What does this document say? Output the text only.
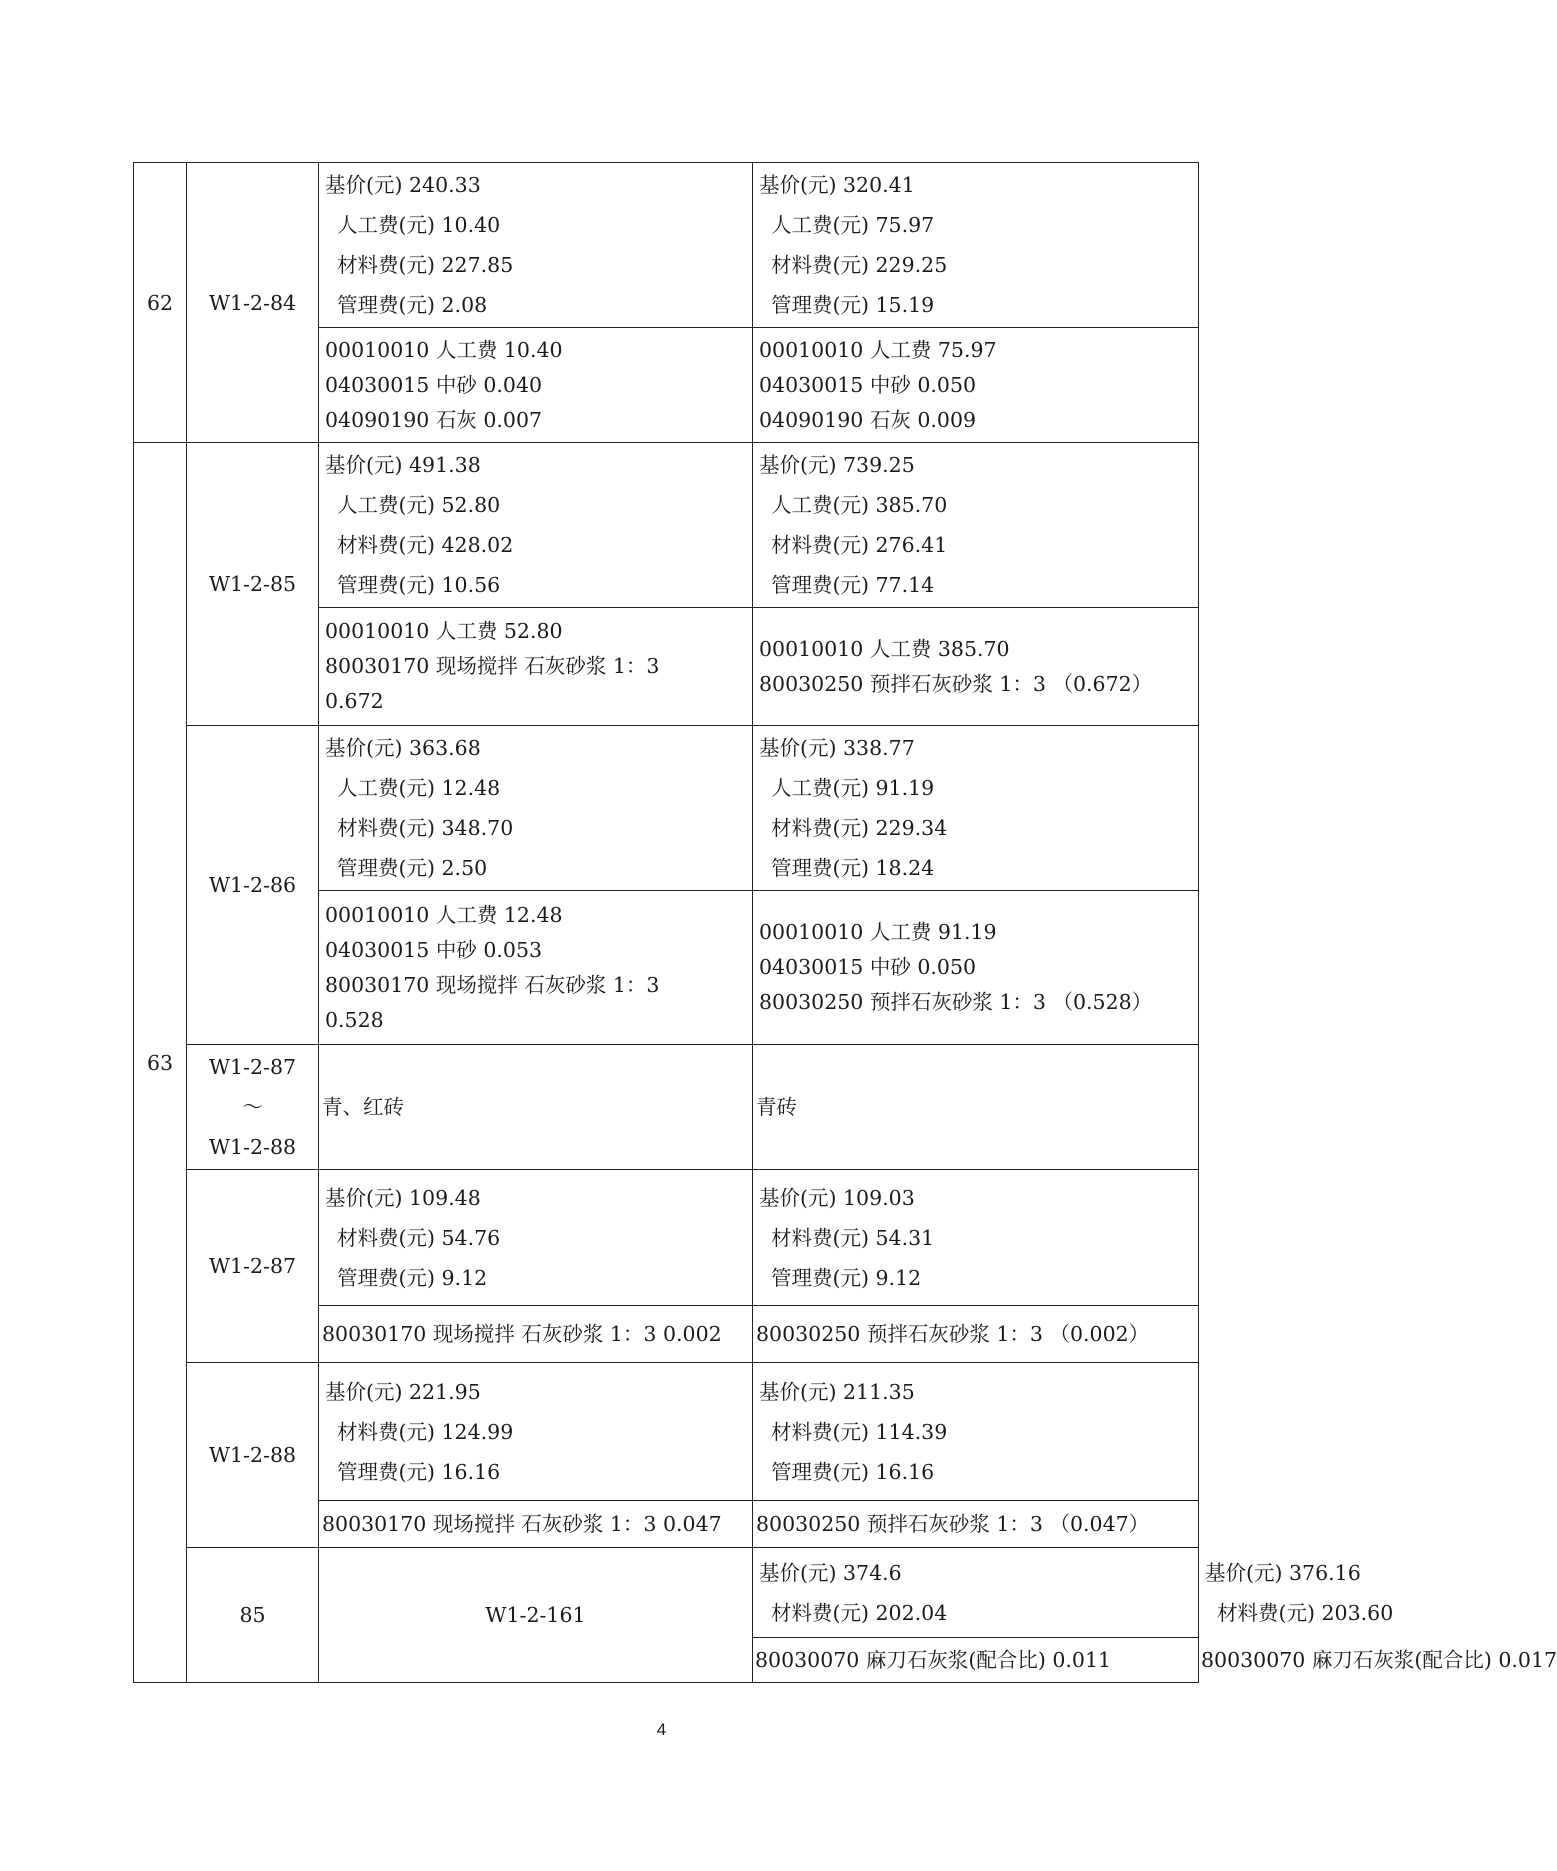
62	W1-2-84	基价(元) 240.33
人工费(元) 10.40
材料费(元) 227.85
管理费(元) 2.08	基价(元) 320.41
人工费(元) 75.97
材料费(元) 229.25
管理费(元) 15.19	

		00010010 人工费 10.40
04030015 中砂 0.040
04090190 石灰 0.007	00010010 人工费 75.97
04030015 中砂 0.050
04090190 石灰 0.009	

63	W1-2-85	基价(元) 491.38
人工费(元) 52.80
材料费(元) 428.02
管理费(元) 10.56	基价(元) 739.25
人工费(元) 385.70
材料费(元) 276.41
管理费(元) 77.14	

		00010010 人工费 52.80
80030170 现场搅拌 石灰砂浆 1：3
0.672	00010010 人工费 385.70
80030250 预拌石灰砂浆 1：3 （0.672）	

	W1-2-86	基价(元) 363.68
人工费(元) 12.48
材料费(元) 348.70
管理费(元) 2.50	基价(元) 338.77
人工费(元) 91.19
材料费(元) 229.34
管理费(元) 18.24	

		00010010 人工费 12.48
04030015 中砂 0.053
80030170 现场搅拌 石灰砂浆 1：3
0.528	00010010 人工费 91.19
04030015 中砂 0.050
80030250 预拌石灰砂浆 1：3 （0.528）	

	W1-2-87
～
W1-2-88	青、红砖	青砖	
	W1-2-87	基价(元) 109.48
材料费(元) 54.76
管理费(元) 9.12	基价(元) 109.03
材料费(元) 54.31
管理费(元) 9.12	

		80030170 现场搅拌 石灰砂浆 1：3 0.002	80030250 预拌石灰砂浆 1：3 （0.002）	

	W1-2-88	基价(元) 221.95
材料费(元) 124.99
管理费(元) 16.16	基价(元) 211.35
材料费(元) 114.39
管理费(元) 16.16	

		80030170 现场搅拌 石灰砂浆 1：3 0.047	80030250 预拌石灰砂浆 1：3 （0.047）	

	85	W1-2-161	基价(元) 374.6
材料费(元) 202.04	基价(元) 376.16
材料费(元) 203.60

			80030070 麻刀石灰浆(配合比) 0.011	80030070 麻刀石灰浆(配合比) 0.017
4
